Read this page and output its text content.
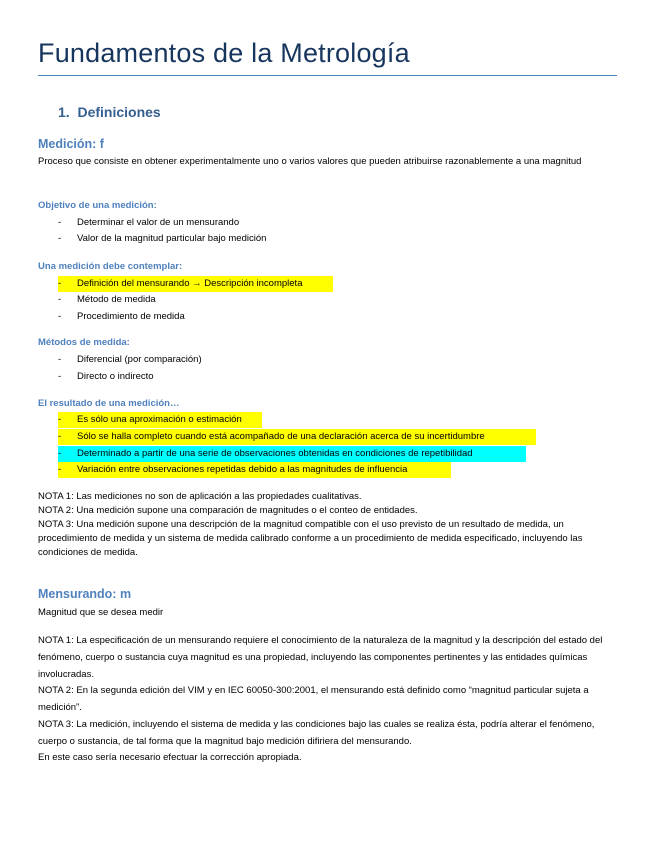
Fundamentos de la Metrología
1. Definiciones
Medición: f
Proceso que consiste en obtener experimentalmente uno o varios valores que pueden atribuirse razonablemente a una magnitud
Objetivo de una medición:
- Determinar el valor de un mensurando
- Valor de la magnitud particular bajo medición
Una medición debe contemplar:
- Definición del mensurando → Descripción incompleta
- Método de medida
- Procedimiento de medida
Métodos de medida:
- Diferencial (por comparación)
- Directo o indirecto
El resultado de una medición…
- Es sólo una aproximación o estimación
- Sólo se halla completo cuando está acompañado de una declaración acerca de su incertidumbre
- Determinado a partir de una serie de observaciones obtenidas en condiciones de repetibilidad
- Variación entre observaciones repetidas debido a las magnitudes de influencia
NOTA 1: Las mediciones no son de aplicación a las propiedades cualitativas.
NOTA 2: Una medición supone una comparación de magnitudes o el conteo de entidades.
NOTA 3: Una medición supone una descripción de la magnitud compatible con el uso previsto de un resultado de medida, un procedimiento de medida y un sistema de medida calibrado conforme a un procedimiento de medida especificado, incluyendo las condiciones de medida.
Mensurando: m
Magnitud que se desea medir
NOTA 1: La especificación de un mensurando requiere el conocimiento de la naturaleza de la magnitud y la descripción del estado del fenómeno, cuerpo o sustancia cuya magnitud es una propiedad, incluyendo las componentes pertinentes y las entidades químicas involucradas.
NOTA 2: En la segunda edición del VIM y en IEC 60050-300:2001, el mensurando está definido como “magnitud particular sujeta a medición”.
NOTA 3: La medición, incluyendo el sistema de medida y las condiciones bajo las cuales se realiza ésta, podría alterar el fenómeno, cuerpo o sustancia, de tal forma que la magnitud bajo medición difiriera del mensurando.
En este caso sería necesario efectuar la corrección apropiada.
